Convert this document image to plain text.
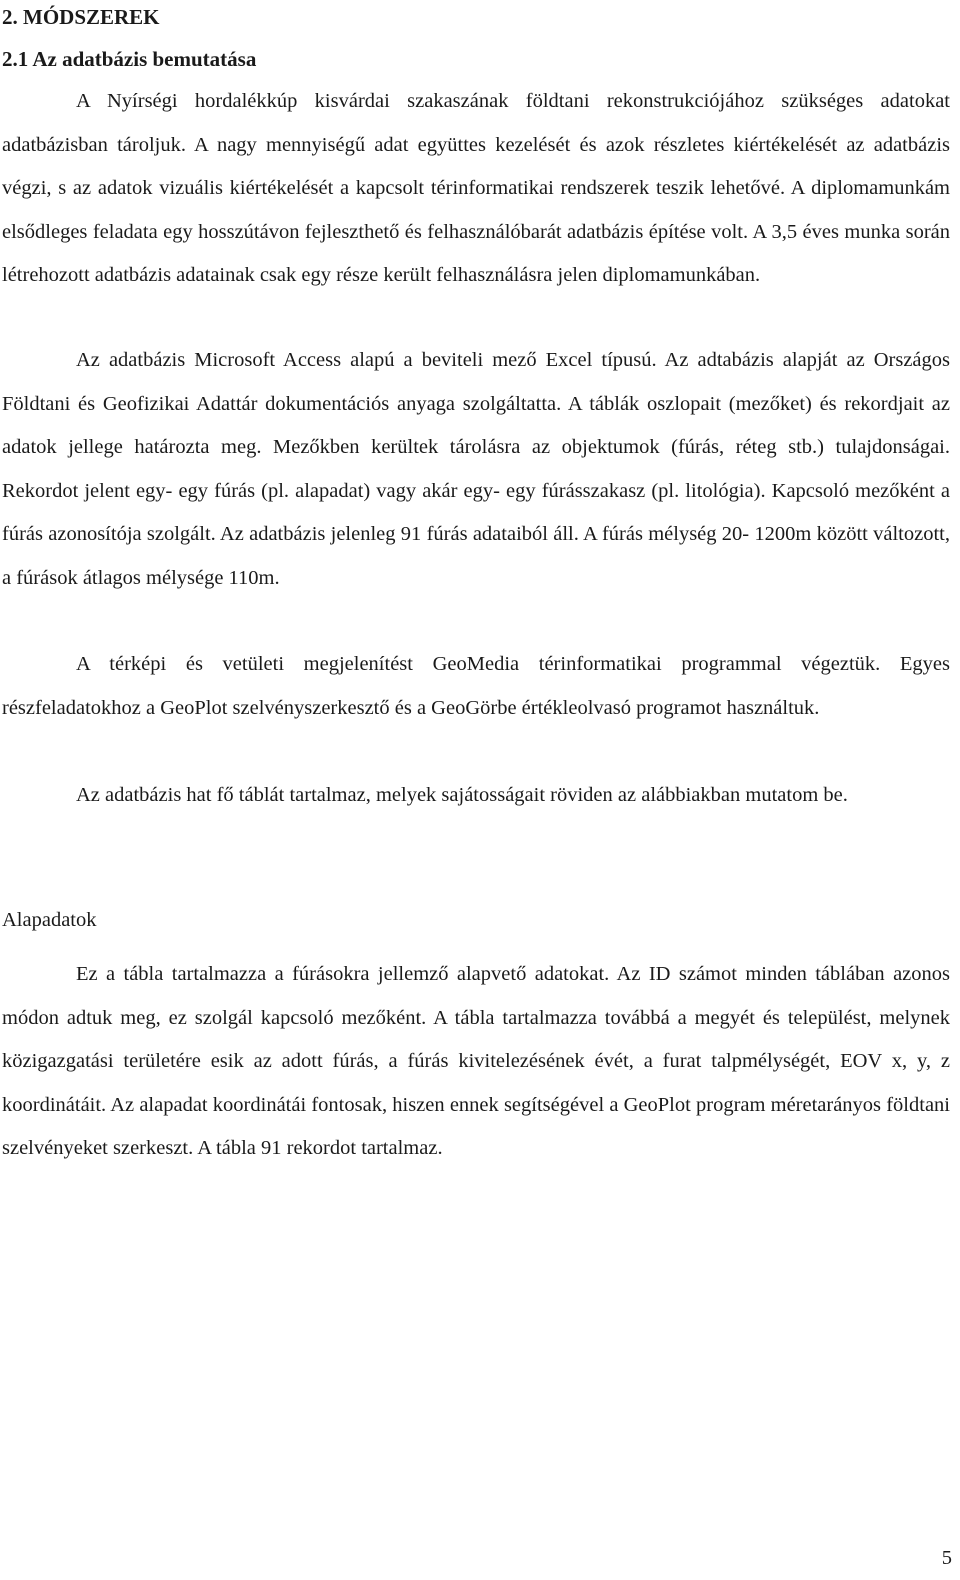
2. MÓDSZEREK
2.1 Az adatbázis bemutatása

A Nyírségi hordalékkúp kisvárdai szakaszának földtani rekonstrukciójához szükséges adatokat adatbázisban tároljuk. A nagy mennyiségű adat együttes kezelését és azok részletes kiértékelését az adatbázis végzi, s az adatok vizuális kiértékelését a kapcsolt térinformatikai rendszerek teszik lehetővé. A diplomamunkám elsődleges feladata egy hosszútávon fejleszthető és felhasználóbarát adatbázis építése volt. A 3,5 éves munka során létrehozott adatbázis adatainak csak egy része került felhasználásra jelen diplomamunkában.

Az adatbázis Microsoft Access alapú a beviteli mező Excel típusú. Az adtabázis alapját az Országos Földtani és Geofizikai Adattár dokumentációs anyaga szolgáltatta. A táblák oszlopait (mezőket) és rekordjait az adatok jellege határozta meg. Mezőkben kerültek tárolásra az objektumok (fúrás, réteg stb.) tulajdonságai. Rekordot jelent egy- egy fúrás (pl. alapadat) vagy akár egy- egy fúrásszakasz (pl. litológia). Kapcsoló mezőként a fúrás azonosítója szolgált. Az adatbázis jelenleg 91 fúrás adataiból áll. A fúrás mélység 20- 1200m között változott, a fúrások átlagos mélysége 110m.

A térképi és vetületi megjelenítést GeoMedia térinformatikai programmal végeztük. Egyes részfeladatokhoz a GeoPlot szelvényszerkesztő és a GeoGörbe értékleolvasó programot használtuk.

Az adatbázis hat fő táblát tartalmaz, melyek sajátosságait röviden az alábbiakban mutatom be.

Alapadatok

Ez a tábla tartalmazza a fúrásokra jellemző alapvető adatokat. Az ID számot minden táblában azonos módon adtuk meg, ez szolgál kapcsoló mezőként. A tábla tartalmazza továbbá a megyét és települést, melynek közigazgatási területére esik az adott fúrás, a fúrás kivitelezésének évét, a furat talpmélységét, EOV x, y, z koordinátáit. Az alapadat koordinátái fontosak, hiszen ennek segítségével a GeoPlot program méretarányos földtani szelvényeket szerkeszt. A tábla 91 rekordot tartalmaz.

5
